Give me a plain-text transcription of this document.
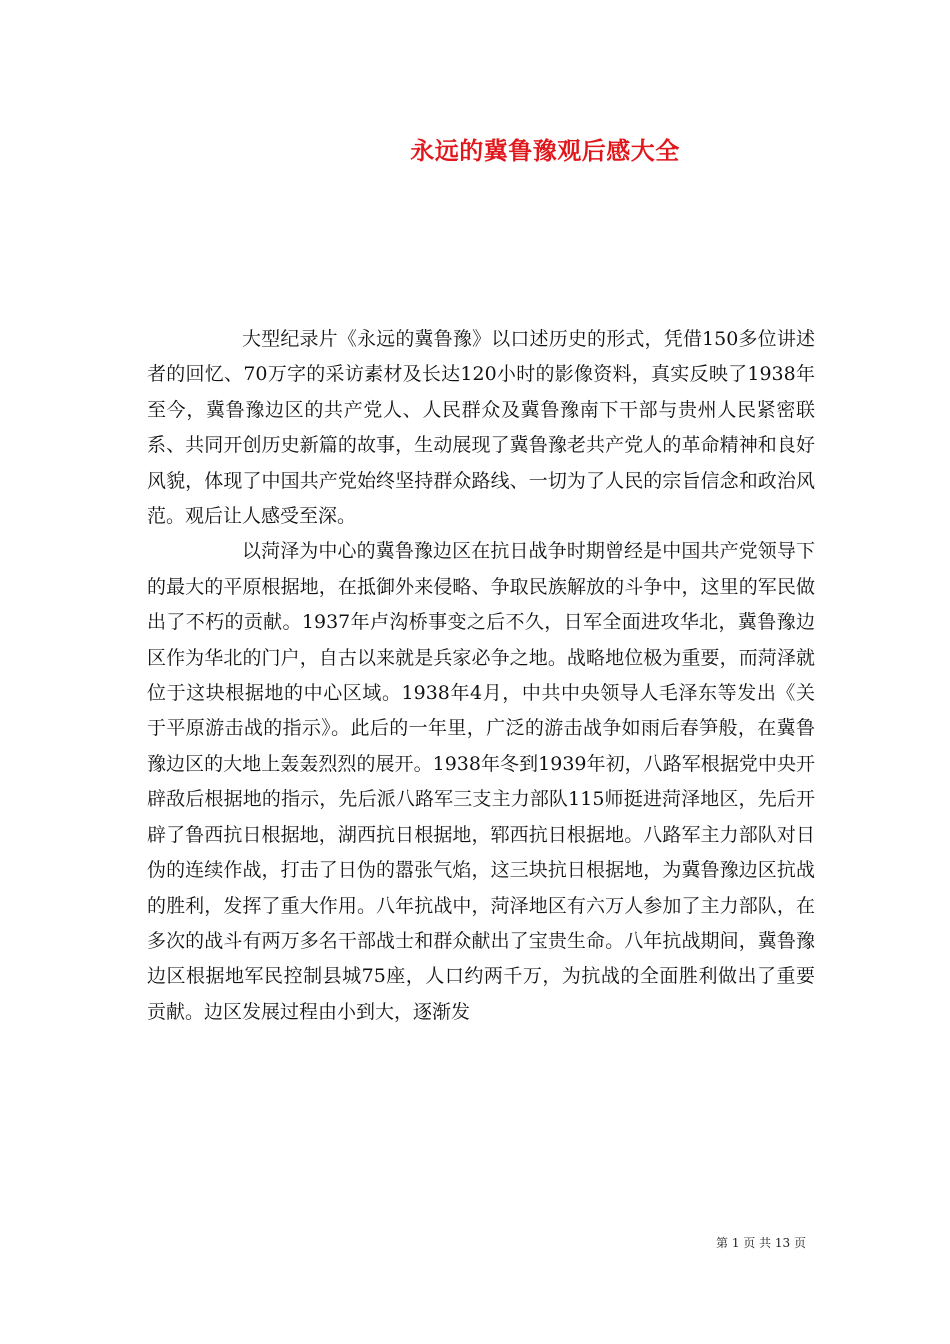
永远的冀鲁豫观后感大全

大型纪录片《永远的冀鲁豫》以口述历史的形式，凭借150多位讲述者的回忆、70万字的采访素材及长达120小时的影像资料，真实反映了1938年至今，冀鲁豫边区的共产党人、人民群众及冀鲁豫南下干部与贵州人民紧密联系、共同开创历史新篇的故事，生动展现了冀鲁豫老共产党人的革命精神和良好风貌，体现了中国共产党始终坚持群众路线、一切为了人民的宗旨信念和政治风范。观后让人感受至深。

以菏泽为中心的冀鲁豫边区在抗日战争时期曾经是中国共产党领导下的最大的平原根据地，在抵御外来侵略、争取民族解放的斗争中，这里的军民做出了不朽的贡献。1937年卢沟桥事变之后不久，日军全面进攻华北，冀鲁豫边区作为华北的门户，自古以来就是兵家必争之地。战略地位极为重要，而菏泽就位于这块根据地的中心区域。1938年4月，中共中央领导人毛泽东等发出《关于平原游击战的指示》。此后的一年里，广泛的游击战争如雨后春笋般，在冀鲁豫边区的大地上轰轰烈烈的展开。1938年冬到1939年初，八路军根据党中央开辟敌后根据地的指示，先后派八路军三支主力部队115师挺进菏泽地区，先后开辟了鲁西抗日根据地，湖西抗日根据地，郓西抗日根据地。八路军主力部队对日伪的连续作战，打击了日伪的嚣张气焰，这三块抗日根据地，为冀鲁豫边区抗战的胜利，发挥了重大作用。八年抗战中，菏泽地区有六万人参加了主力部队，在多次的战斗有两万多名干部战士和群众献出了宝贵生命。八年抗战期间，冀鲁豫边区根据地军民控制县城75座，人口约两千万，为抗战的全面胜利做出了重要贡献。边区发展过程由小到大，逐渐发

第 1 页 共 13 页
